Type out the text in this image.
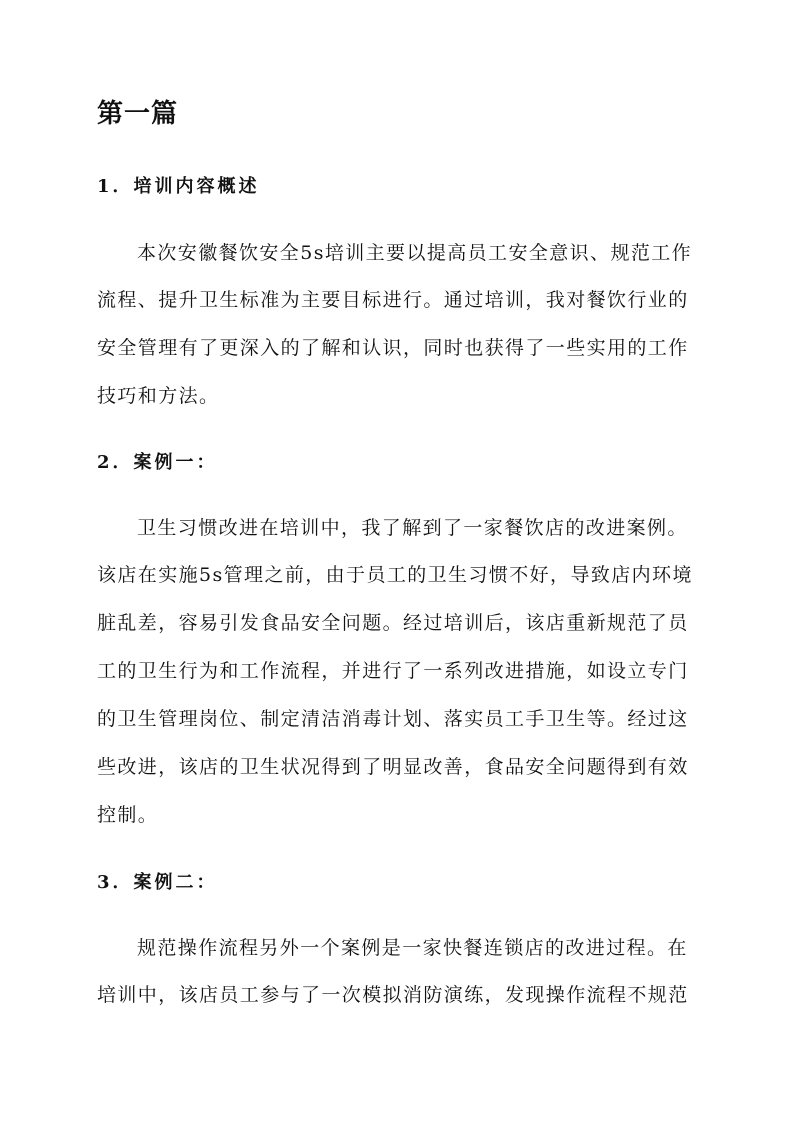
第一篇
1．培训内容概述

本次安徽餐饮安全5s培训主要以提高员工安全意识、规范工作

流程、提升卫生标准为主要目标进行。通过培训，我对餐饮行业的

安全管理有了更深入的了解和认识，同时也获得了一些实用的工作

技巧和方法。

2．案例一：

卫生习惯改进在培训中，我了解到了一家餐饮店的改进案例。

该店在实施5s管理之前，由于员工的卫生习惯不好，导致店内环境

脏乱差，容易引发食品安全问题。经过培训后，该店重新规范了员

工的卫生行为和工作流程，并进行了一系列改进措施，如设立专门

的卫生管理岗位、制定清洁消毒计划、落实员工手卫生等。经过这

些改进，该店的卫生状况得到了明显改善，食品安全问题得到有效

控制。

3．案例二：

规范操作流程另外一个案例是一家快餐连锁店的改进过程。在

培训中，该店员工参与了一次模拟消防演练，发现操作流程不规范
